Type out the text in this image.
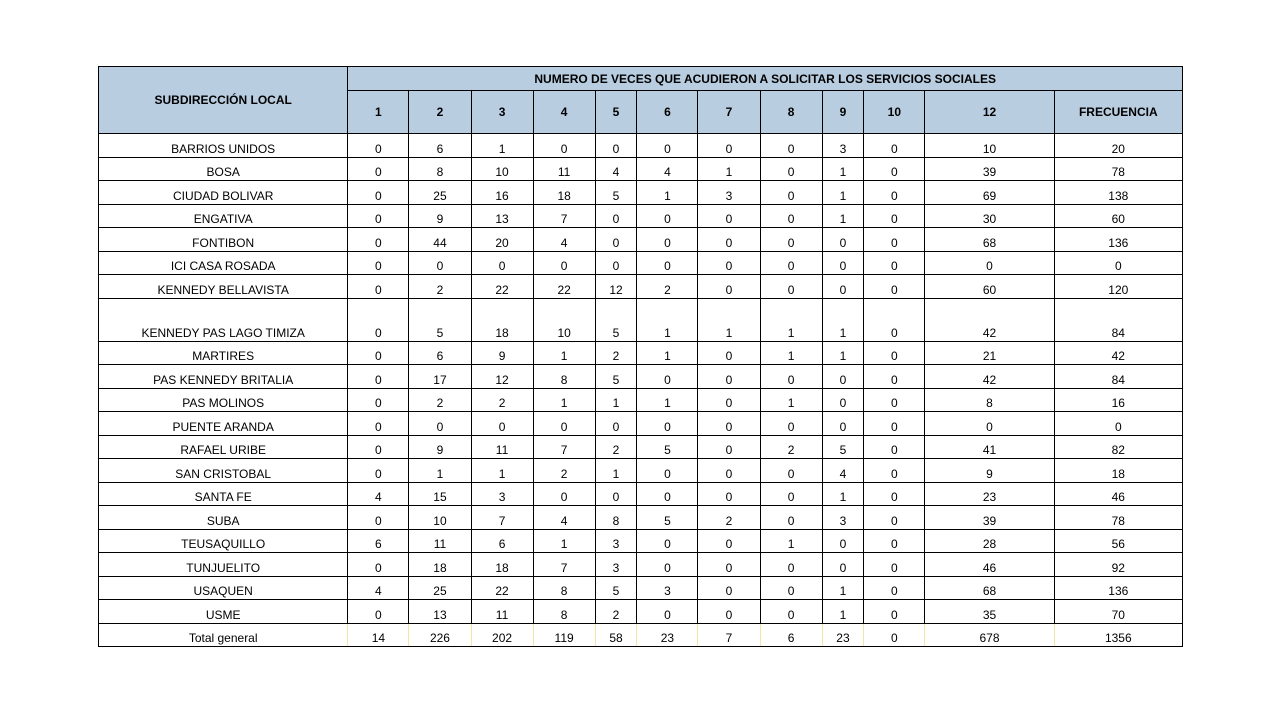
SUBDIRECCIÓN LOCAL	NUMERO DE VECES QUE ACUDIERON A SOLICITAR LOS SERVICIOS SOCIALES											
	1	2	3	4	5	6	7	8	9	10	12	FRECUENCIA
BARRIOS UNIDOS	0	6	1	0	0	0	0	0	3	0	10	20
BOSA	0	8	10	11	4	4	1	0	1	0	39	78
CIUDAD BOLIVAR	0	25	16	18	5	1	3	0	1	0	69	138
ENGATIVA	0	9	13	7	0	0	0	0	1	0	30	60
FONTIBON	0	44	20	4	0	0	0	0	0	0	68	136
ICI CASA ROSADA	0	0	0	0	0	0	0	0	0	0	0	0
KENNEDY BELLAVISTA	0	2	22	22	12	2	0	0	0	0	60	120
KENNEDY PAS LAGO TIMIZA	0	5	18	10	5	1	1	1	1	0	42	84
MARTIRES	0	6	9	1	2	1	0	1	1	0	21	42
PAS KENNEDY BRITALIA	0	17	12	8	5	0	0	0	0	0	42	84
PAS MOLINOS	0	2	2	1	1	1	0	1	0	0	8	16
PUENTE ARANDA	0	0	0	0	0	0	0	0	0	0	0	0
RAFAEL URIBE	0	9	11	7	2	5	0	2	5	0	41	82
SAN CRISTOBAL	0	1	1	2	1	0	0	0	4	0	9	18
SANTA FE	4	15	3	0	0	0	0	0	1	0	23	46
SUBA	0	10	7	4	8	5	2	0	3	0	39	78
TEUSAQUILLO	6	11	6	1	3	0	0	1	0	0	28	56
TUNJUELITO	0	18	18	7	3	0	0	0	0	0	46	92
USAQUEN	4	25	22	8	5	3	0	0	1	0	68	136
USME	0	13	11	8	2	0	0	0	1	0	35	70
Total general	14	226	202	119	58	23	7	6	23	0	678	1356
